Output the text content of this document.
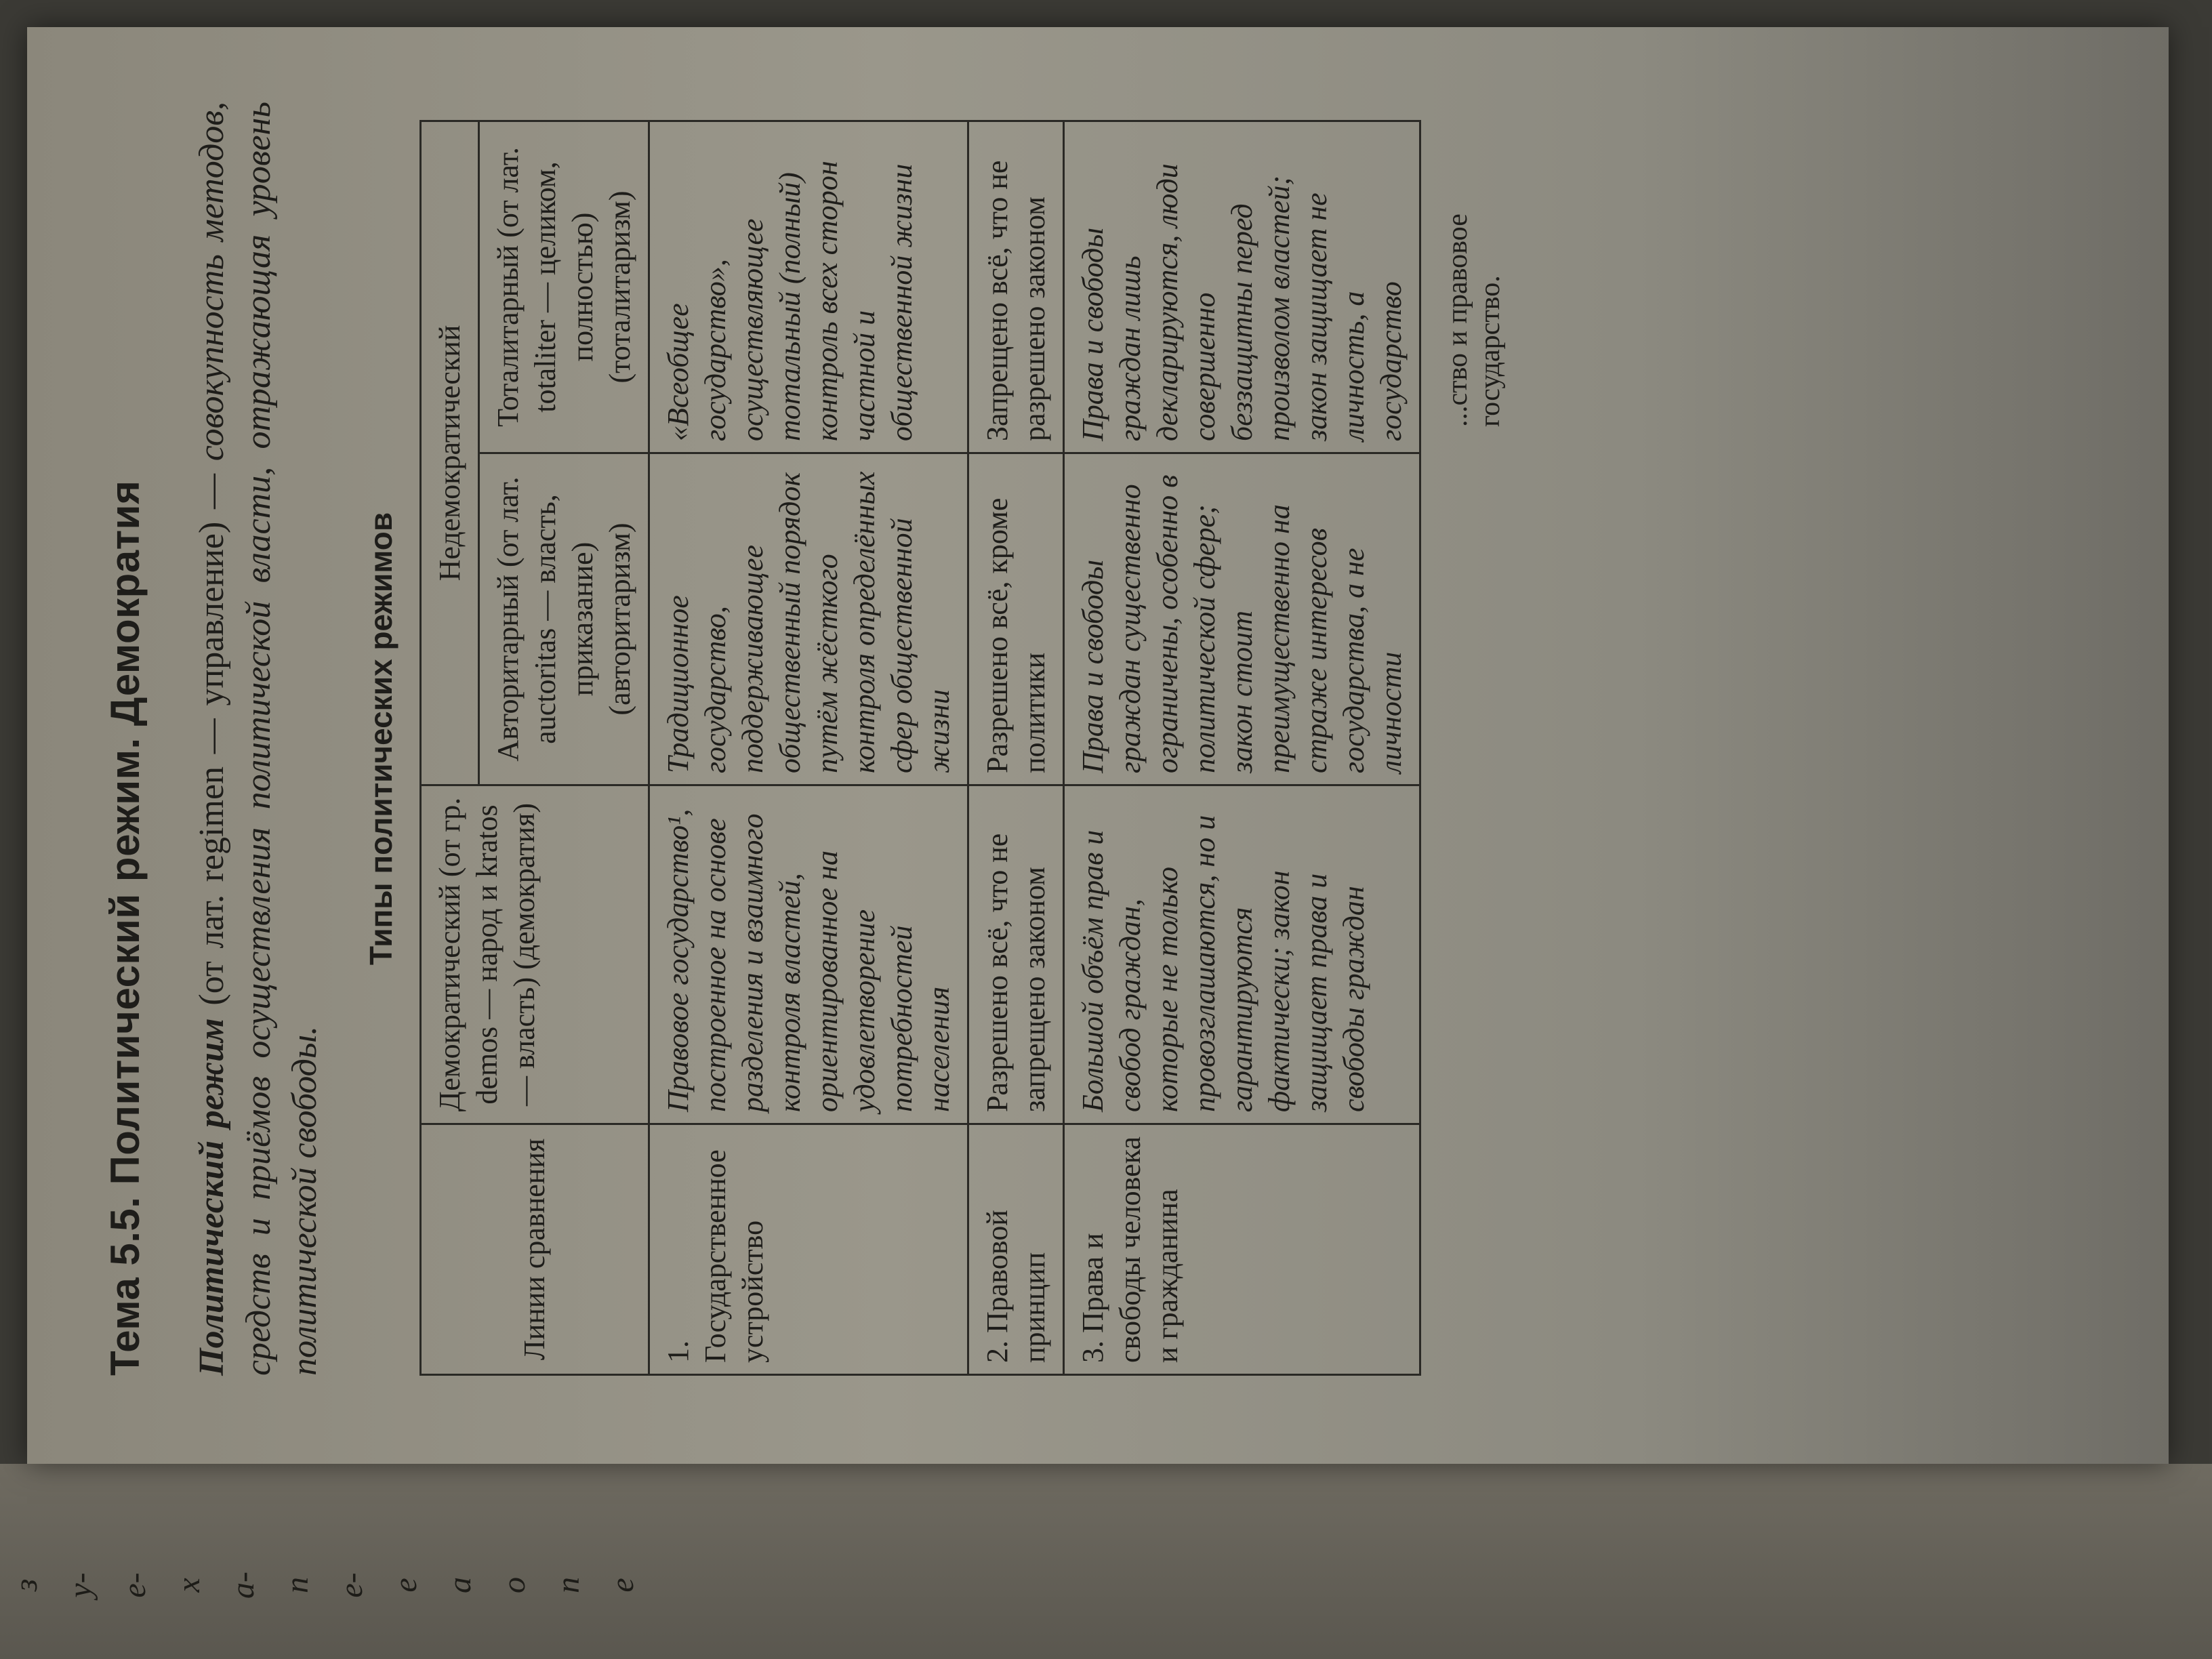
Тема 5.5. Политический режим. Демократия Политический режим (от лат. regimen — управление) — совокупность методов, средств и приёмов осуществления политической власти, отражающая уровень политической свободы.

Типы политических режимов
Линии сравнения	Демократический (от гр. demos — народ и kratos — власть) (демократия)	Недемократический	
		Авторитарный (от лат. auctoritas — власть, приказание) (авторитаризм)	Тоталитарный (от лат. totaliter — целиком, полностью) (тоталитаризм)
1. Государственное устройство	Правовое государство¹, построенное на основе разделения и взаимного контроля властей, ориентированное на удовлетворение потребностей населения	Традиционное государство, поддерживающее общественный порядок путём жёсткого контроля определённых сфер общественной жизни	«Всеобщее государство», осуществляющее тотальный (полный) контроль всех сторон частной и общественной жизни
2. Правовой принцип	Разрешено всё, что не запрещено законом	Разрешено всё, кроме политики	Запрещено всё, что не разрешено законом
3. Права и свободы человека и гражданина	Большой объём прав и свобод граждан, которые не только провозглашаются, но и гарантируются фактически; закон защищает права и свободы граждан	Права и свободы граждан существенно ограничены, особенно в политической сфере; закон стоит преимущественно на страже интересов государства, а не личности	Права и свободы граждан лишь декларируются, люди совершенно беззащитны перед произволом властей; закон защищает не личность, а государство ...ство и правовое государство.
з у- е- х а- п е- е а о п е
